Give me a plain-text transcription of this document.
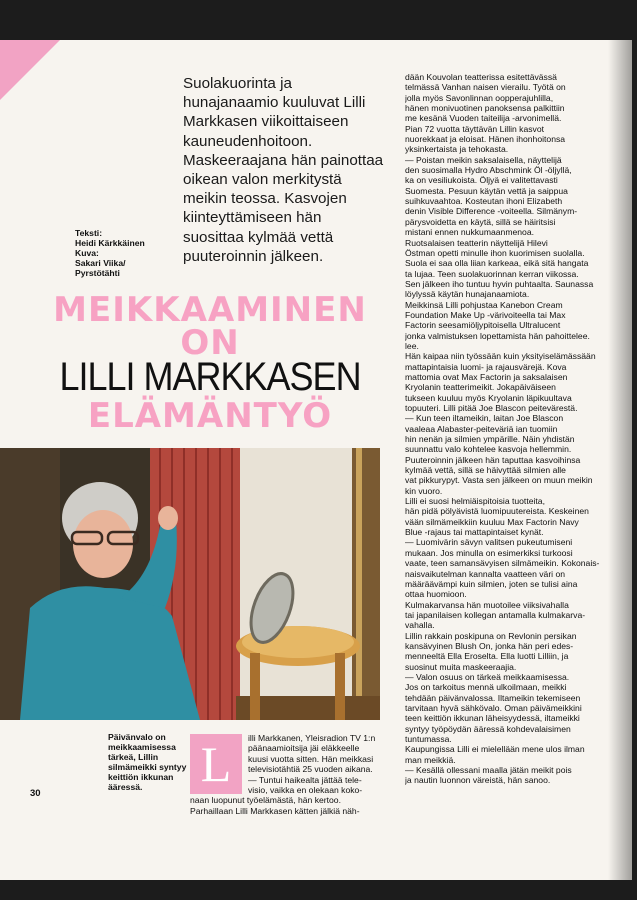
Suolakuorinta ja
hunajanaamio kuuluvat Lilli
Markkasen viikoittaiseen
kauneudenhoitoon.
Maskeeraajana hän painottaa
oikean valon merkitystä
meikin teossa. Kasvojen
kiinteyttämiseen hän
suosittaa kylmää vettä
puuteroinnin jälkeen.
Teksti:
Heidi Kärkkäinen
Kuva:
Sakari Viika/
Pyrstötähti
MEIKKAAMINEN
ON
LILLI MARKKASEN
ELÄMÄNTYÖ
Päivänvalo on
meikkaamisessa
tärkeä, Lillin
silmämeikki syntyy
keittiön ikkunan
ääressä.	L	illi Markkanen, Yleisradion TV 1:n
päänaamioitsija jäi eläkkeelle
kuusi vuotta sitten. Hän meikkasi
televisiotähtiä 25 vuoden aikana.
— Tuntui haikealta jättää tele-
visio, vaikka en olekaan koko-
naan luopunut työelämästä, hän kertoo.
Parhaillaan Lilli Markkasen kätten jälkiä näh-
dään Kouvolan teatterissa esitettävässä
telmässä Vanhan naisen vierailu. Työtä on
jolla myös Savonlinnan oopperajuhlilla,
hänen monivuotinen panoksensa palkittiin
me kesänä Vuoden taiteilija -arvonimellä.
Pian 72 vuotta täyttävän Lillin kasvot
nuorekkaat ja eloisat. Hänen ihonhoitonsa
yksinkertaista ja tehokasta.
— Poistan meikin saksalaisella, näyttelijä
den suosimalla Hydro Abschmink Öl -öljyllä,
ka on vesiliukoista. Öljyä ei valitettavasti
Suomesta. Pesuun käytän vettä ja saippua
suihkuvaahtoa. Kosteutan ihoni Elizabeth
denin Visible Difference -voiteella. Silmänym-
pärysvoidetta en käytä, sillä se häiritsisi
mistani ennen nukkumaanmenoa.
Ruotsalaisen teatterin näyttelijä Hilevi
Östman opetti minulle ihon kuorimisen suolalla.
Suola ei saa olla liian karkeaa, eikä sitä hangata
ta lujaa. Teen suolakuorinnan kerran viikossa.
Sen jälkeen iho tuntuu hyvin puhtaalta. Saunassa
löylyssä käytän hunajanaamiota.
Meikkinsä Lilli pohjustaa Kanebon Cream
Foundation Make Up -värivoiteella tai Max
Factorin seesamiöljypitoisella Ultralucent
jonka valmistuksen lopettamista hän pahoittelee.
lee.
Hän kaipaa niin työssään kuin yksityiselämässään
mattapintaisia luomi- ja rajausvärejä. Kova
mattomia ovat Max Factorin ja saksalaisen
Kryolanin teatterimeikit. Jokapäiväiseen
tukseen kuuluu myös Kryolanin läpikuultava
topuuteri. Lilli pitää Joe Blascon peitevärestä.
— Kun teen iltameikin, laitan Joe Blascon
vaaleaa Alabaster-peiteväriä ian tuomiin
hin nenän ja silmien ympärille. Näin yhdistän
suunnattu valo kohtelee kasvoja hellemmin.
Puuteroinnin jälkeen hän taputtaa kasvoihinsa
kylmää vettä, sillä se häivyttää silmien alle
vat pikkurypyt. Vasta sen jälkeen on muun meikin
kin vuoro.
Lilli ei suosi helmiäispitoisia tuotteita,
hän pidä pölyävistä luomipuutereista. Keskeinen
vään silmämeikkiin kuuluu Max Factorin Navy
Blue -rajaus tai mattapintaiset kynät.
— Luomivärin sävyn valitsen pukeutumiseni
mukaan. Jos minulla on esimerkiksi turkoosi
vaate, teen samansävyisen silmämeikin. Kokonais-
naisvaikutelman kannalta vaatteen väri on
määräävämpi kuin silmien, joten se tulisi aina
ottaa huomioon.
Kulmakarvansa hän muotoilee viiksivahalla
tai japanilaisen kollegan antamalla kulmakarva-
vahalla.
Lillin rakkain poskipuna on Revlonin persikan
kansävyinen Blush On, jonka hän peri edes-
menneeltä Ella Eroselta. Ella luotti Lilliin, ja
suosinut muita maskeeraajia.
— Valon osuus on tärkeä meikkaamisessa.
Jos on tarkoitus mennä ulkoilmaan, meikki
tehdään päivänvalossa. Iltameikin tekemiseen
tarvitaan hyvä sähkövalo. Oman päivämeikkini
teen keittiön ikkunan läheisyydessä, iltameikki
syntyy työpöydän ääressä kohdevalaisimen
tuntumassa.
Kaupungissa Lilli ei mielellään mene ulos ilman
man meikkiä.
— Kesällä ollessani maalla jätän meikit pois
ja nautin luonnon väreistä, hän sanoo.
30
